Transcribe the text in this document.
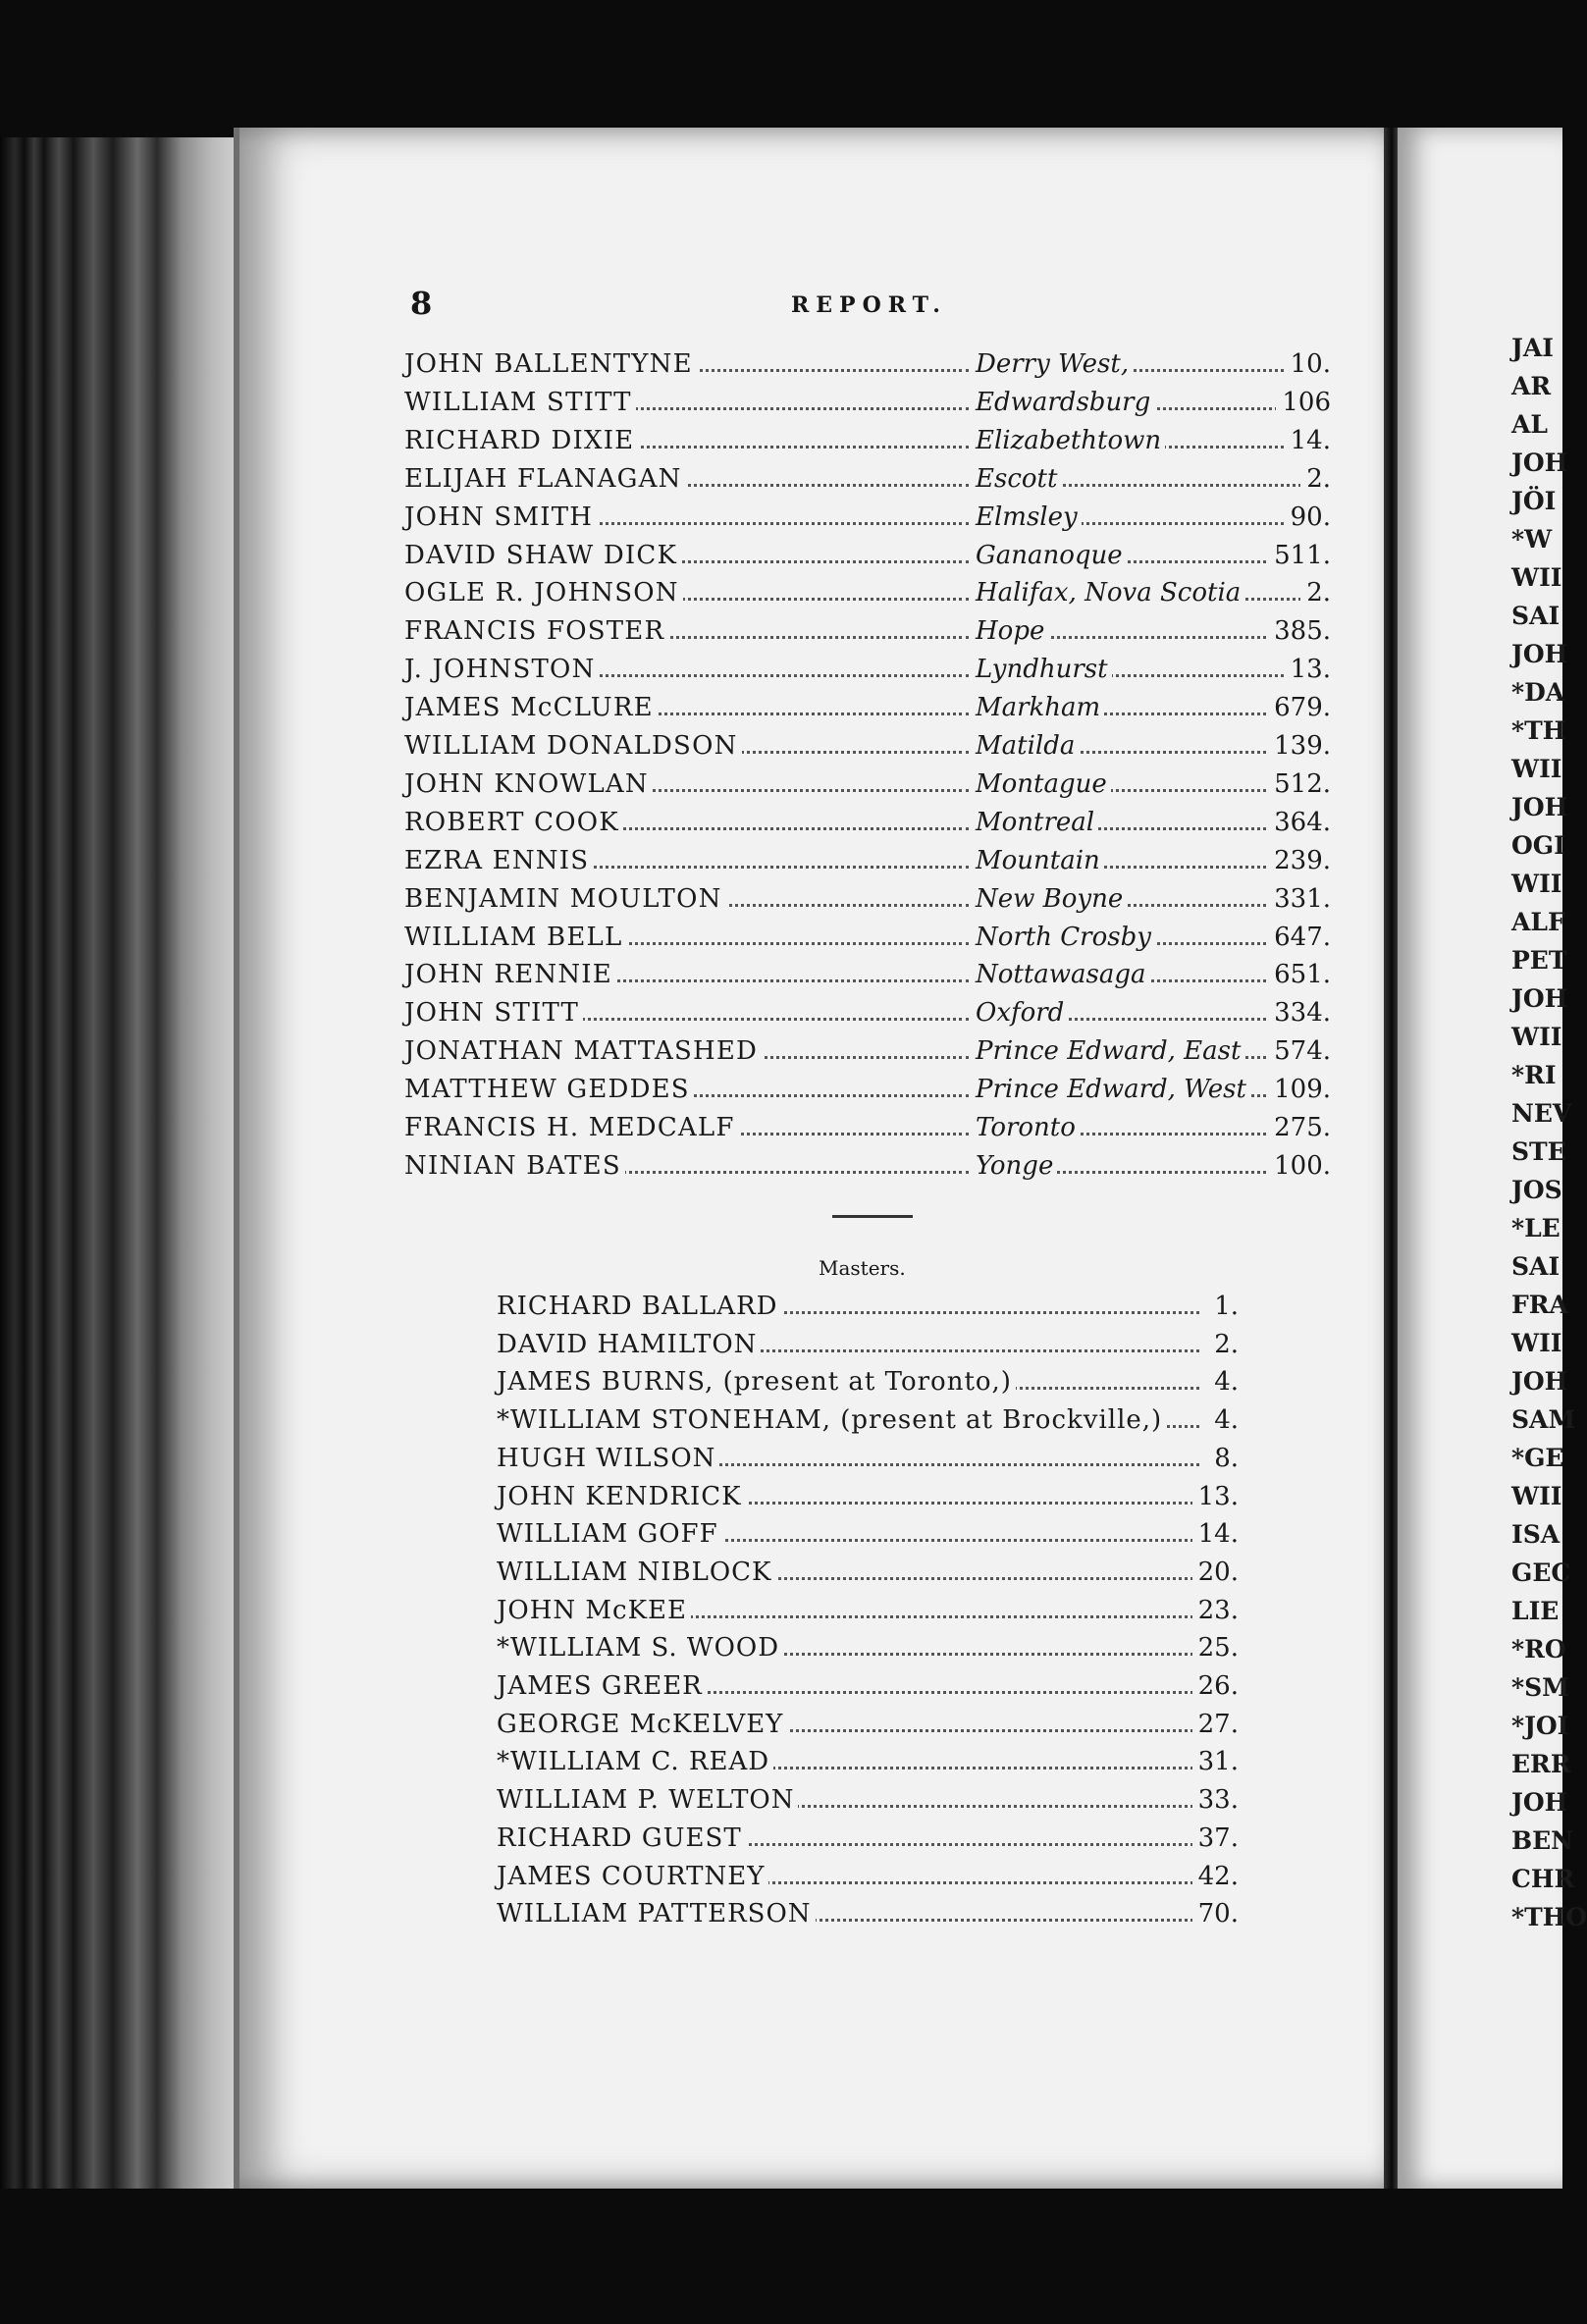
8	REPORT.
JOHN BALLENTYNE	Derry West,	10.
WILLIAM STITT	Edwardsburg	106
RICHARD DIXIE	Elizabethtown	14.
ELIJAH FLANAGAN	Escott	2.
JOHN SMITH	Elmsley	90.
DAVID SHAW DICK	Gananoque	511.
OGLE R. JOHNSON	Halifax, Nova Scotia	2.
FRANCIS FOSTER	Hope	385.
J. JOHNSTON	Lyndhurst	13.
JAMES McCLURE	Markham	679.
WILLIAM DONALDSON	Matilda	139.
JOHN KNOWLAN	Montague	512.
ROBERT COOK	Montreal	364.
EZRA ENNIS	Mountain	239.
BENJAMIN MOULTON	New Boyne	331.
WILLIAM BELL	North Crosby	647.
JOHN RENNIE	Nottawasaga	651.
JOHN STITT	Oxford	334.
JONATHAN MATTASHED	Prince Edward, East 574.
MATTHEW GEDDES	Prince Edward, West 109.
FRANCIS H. MEDCALF	Toronto	275.
NINIAN BATES	Yonge	100.
Masters.
RICHARD BALLARD	1.
DAVID HAMILTON	2.
JAMES BURNS, (present at Toronto,)	4.
*WILLIAM STONEHAM, (present at Brockville,) 4.
HUGH WILSON	8.
JOHN KENDRICK	13.
WILLIAM GOFF	14.
WILLIAM NIBLOCK	20.
JOHN McKEE	23.
*WILLIAM S. WOOD	25.
JAMES GREER	26.
GEORGE McKELVEY	27.
*WILLIAM C. READ	31.
WILLIAM P. WELTON	33.
RICHARD GUEST	37.
JAMES COURTNEY	42.
WILLIAM PATTERSON	70.
JAI
AR
AL
JOH
JÖI
*W
WII
SAI
JOH
*DA
*TH
WII
JOH
OGI
WII
ALF
PET
JOH
WII
*RI
NEV
STE
JOS
*LE
SAI
FRA
WII
JOH
SAM
*GE
WII
ISA
GEC
LIE
*RO
*SM
*JOI
ERR
JOH
BEN
CHR
*THO
